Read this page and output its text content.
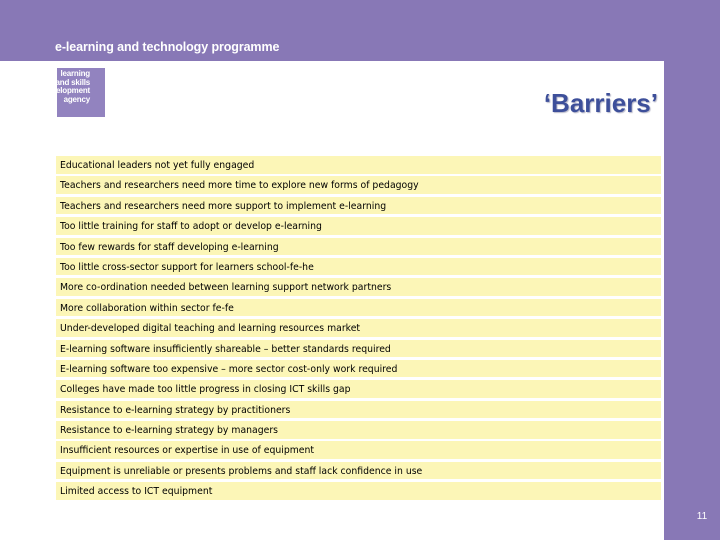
e-learning and technology programme
learning
and skills
development
agency	‘Barriers’
Educational leaders not yet fully engaged
Teachers and researchers need more time to explore new forms of pedagogy
Teachers and researchers need more support to implement e-learning
Too little training for staff to adopt or develop e-learning
Too few rewards for staff developing e-learning
Too little cross-sector support for learners school-fe-he
More co-ordination needed between learning support network partners
More collaboration within sector fe-fe
Under-developed digital teaching and learning resources market
E-learning software insufficiently shareable – better standards required
E-learning software too expensive – more sector cost-only work required
Colleges have made too little progress in closing ICT skills gap
Resistance to e-learning strategy by practitioners
Resistance to e-learning strategy by managers
Insufficient resources or expertise in use of equipment
Equipment is unreliable or presents problems and staff lack confidence in use
Limited access to ICT equipment
11
